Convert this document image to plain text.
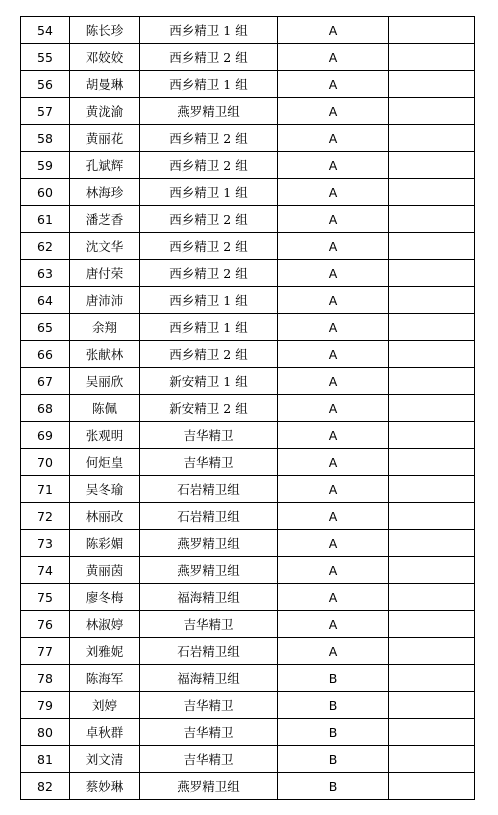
54	陈长珍	西乡精卫 1 组	A	
55	邓姣姣	西乡精卫 2 组	A	
56	胡曼琳	西乡精卫 1 组	A	
57	黄泷渝	燕罗精卫组	A	
58	黄丽花	西乡精卫 2 组	A	
59	孔斌辉	西乡精卫 2 组	A	
60	林海珍	西乡精卫 1 组	A	
61	潘芝香	西乡精卫 2 组	A	
62	沈文华	西乡精卫 2 组	A	
63	唐付荣	西乡精卫 2 组	A	
64	唐沛沛	西乡精卫 1 组	A	
65	余翔	西乡精卫 1 组	A	
66	张献林	西乡精卫 2 组	A	
67	吴丽欣	新安精卫 1 组	A	
68	陈佩	新安精卫 2 组	A	
69	张观明	吉华精卫	A	
70	何炬皇	吉华精卫	A	
71	吴冬瑜	石岩精卫组	A	
72	林丽改	石岩精卫组	A	
73	陈彩媚	燕罗精卫组	A	
74	黄丽茵	燕罗精卫组	A	
75	廖冬梅	福海精卫组	A	
76	林淑婷	吉华精卫	A	
77	刘雅妮	石岩精卫组	A	
78	陈海军	福海精卫组	B	
79	刘婷	吉华精卫	B	
80	卓秋群	吉华精卫	B	
81	刘文清	吉华精卫	B	
82	蔡妙琳	燕罗精卫组	B	
